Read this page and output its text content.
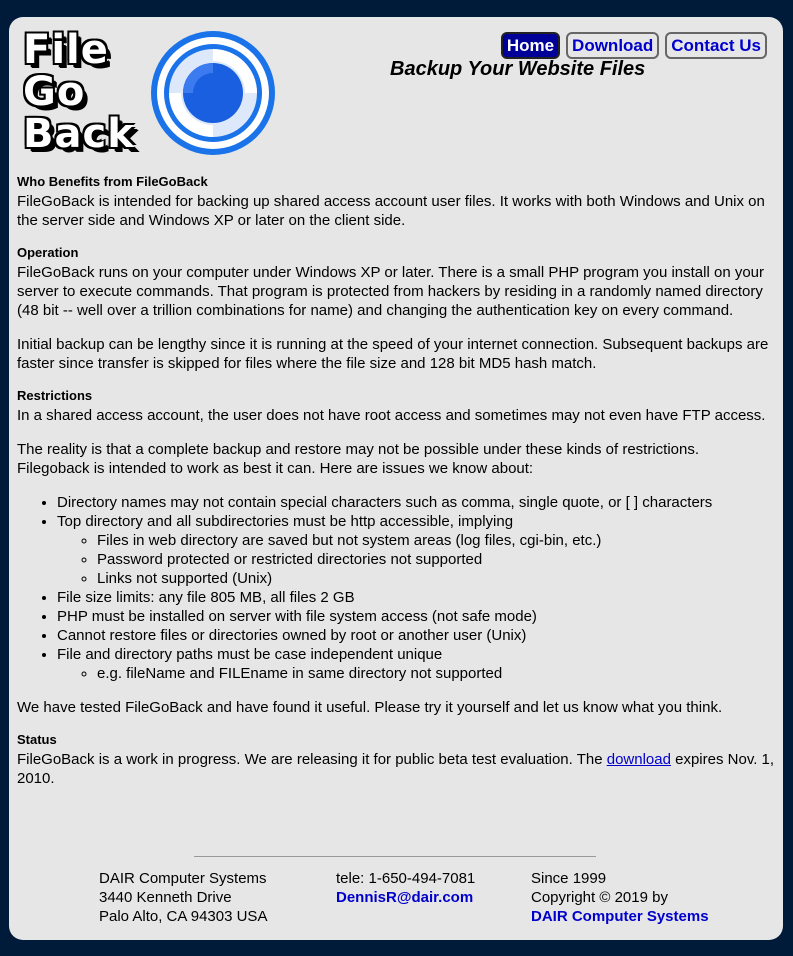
File
Go
Back
Home	Download	Contact Us
Backup Your Website Files
Who Benefits from FileGoBack

FileGoBack is intended for backing up shared access account user files. It works with both Windows and Unix on the server side and Windows XP or later on the client side.

Operation

FileGoBack runs on your computer under Windows XP or later. There is a small PHP program you install on your server to execute commands. That program is protected from hackers by residing in a randomly named directory (48 bit -- well over a trillion combinations for name) and changing the authentication key on every command.

Initial backup can be lengthy since it is running at the speed of your internet connection. Subsequent backups are faster since transfer is skipped for files where the file size and 128 bit MD5 hash match.

Restrictions

In a shared access account, the user does not have root access and sometimes may not even have FTP access.

The reality is that a complete backup and restore may not be possible under these kinds of restrictions. Filegoback is intended to work as best it can. Here are issues we know about:

• Directory names may not contain special characters such as comma, single quote, or [ ] characters
• Top directory and all subdirectories must be http accessible, implying
◦ Files in web directory are saved but not system areas (log files, cgi-bin, etc.)
◦ Password protected or restricted directories not supported
◦ Links not supported (Unix)
• File size limits: any file 805 MB, all files 2 GB
• PHP must be installed on server with file system access (not safe mode)
• Cannot restore files or directories owned by root or another user (Unix)
• File and directory paths must be case independent unique
◦ e.g. fileName and FILEname in same directory not supported

We have tested FileGoBack and have found it useful. Please try it yourself and let us know what you think.

Status

FileGoBack is a work in progress. We are releasing it for public beta test evaluation. The download expires Nov. 1, 2010.

DAIR Computer Systems
3440 Kenneth Drive
Palo Alto, CA 94303 USA
tele: 1-650-494-7081
DennisR@dair.com
Since 1999
Copyright © 2019 by
DAIR Computer Systems
